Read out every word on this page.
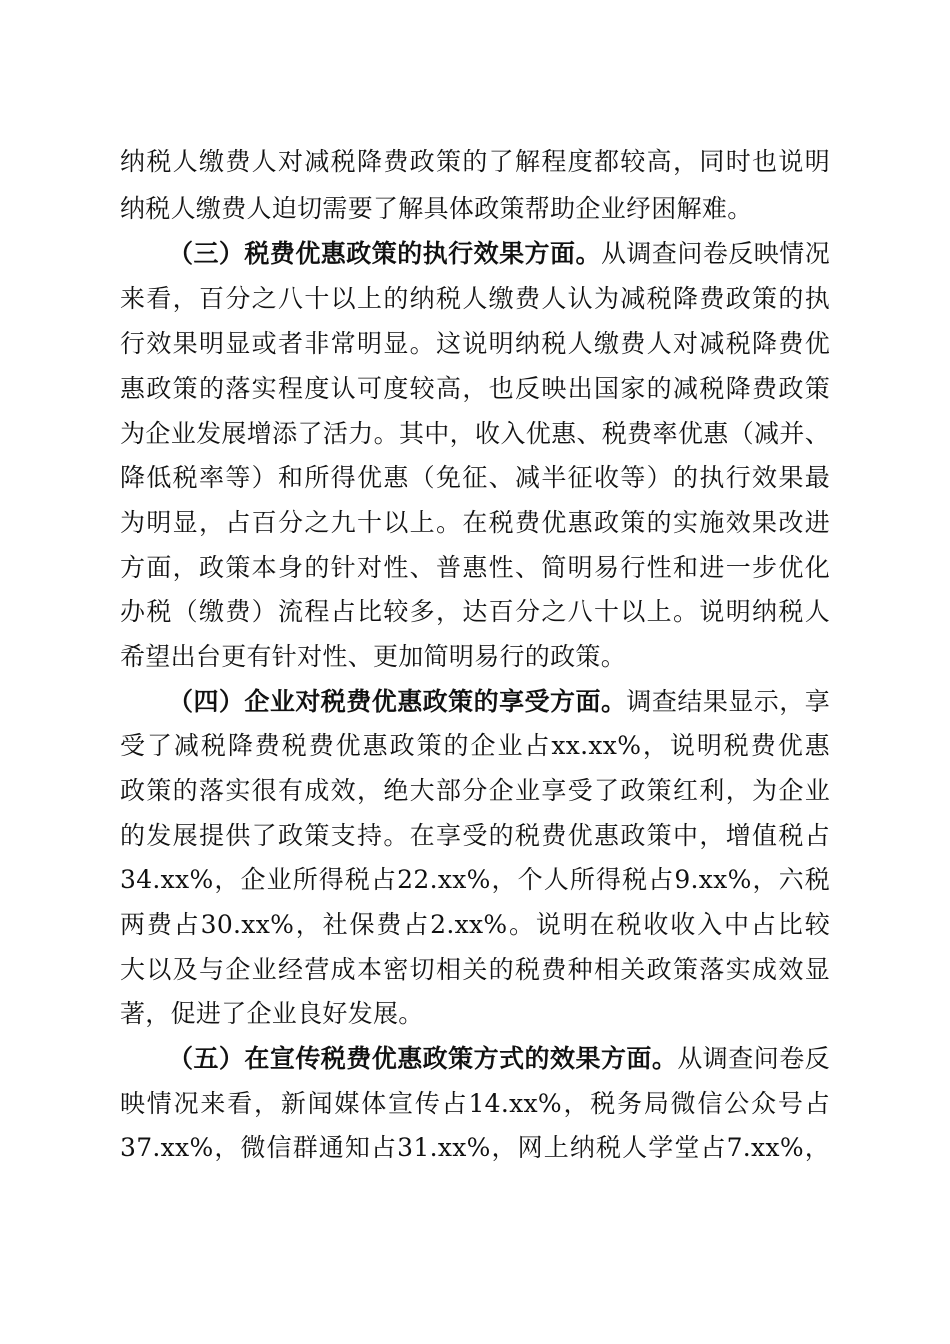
纳税人缴费人对减税降费政策的了解程度都较高，同时也说明
纳税人缴费人迫切需要了解具体政策帮助企业纾困解难。
（三）税费优惠政策的执行效果方面。从调查问卷反映情况
来看，百分之八十以上的纳税人缴费人认为减税降费政策的执
行效果明显或者非常明显。这说明纳税人缴费人对减税降费优
惠政策的落实程度认可度较高，也反映出国家的减税降费政策
为企业发展增添了活力。其中，收入优惠、税费率优惠（减并、
降低税率等）和所得优惠（免征、减半征收等）的执行效果最
为明显，占百分之九十以上。在税费优惠政策的实施效果改进
方面，政策本身的针对性、普惠性、简明易行性和进一步优化
办税（缴费）流程占比较多，达百分之八十以上。说明纳税人
希望出台更有针对性、更加简明易行的政策。
（四）企业对税费优惠政策的享受方面。调查结果显示，享
受了减税降费税费优惠政策的企业占xx.xx%，说明税费优惠
政策的落实很有成效，绝大部分企业享受了政策红利，为企业
的发展提供了政策支持。在享受的税费优惠政策中，增值税占
34.xx%，企业所得税占22.xx%，个人所得税占9.xx%，六税
两费占30.xx%，社保费占2.xx%。说明在税收收入中占比较
大以及与企业经营成本密切相关的税费种相关政策落实成效显
著，促进了企业良好发展。
（五）在宣传税费优惠政策方式的效果方面。从调查问卷反
映情况来看，新闻媒体宣传占14.xx%，税务局微信公众号占
37.xx%，微信群通知占31.xx%，网上纳税人学堂占7.xx%，
